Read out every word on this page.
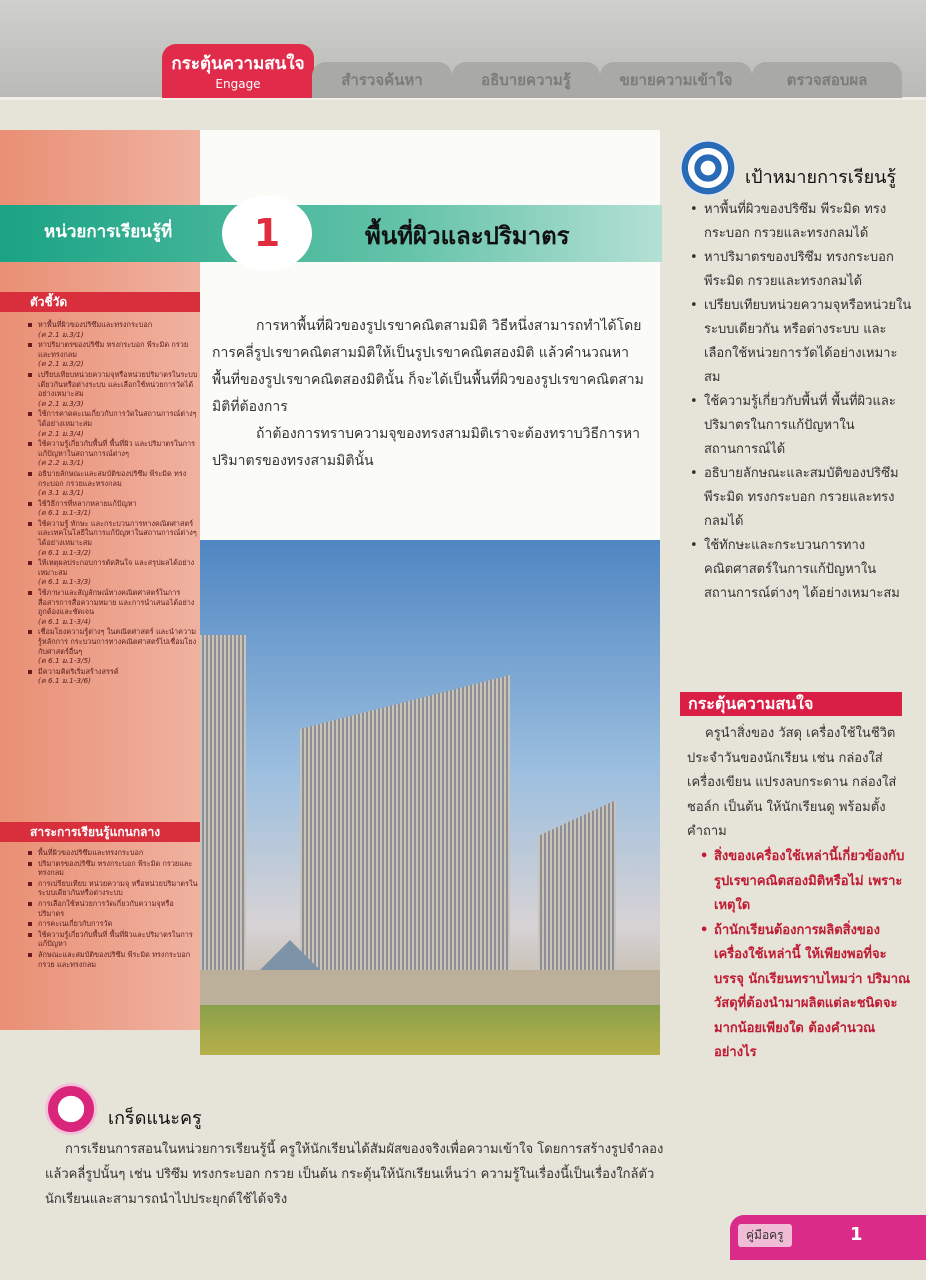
กระตุ้นความสนใจ
Engage	สำรวจค้นหา	อธิบายความรู้	ขยายความเข้าใจ	ตรวจสอบผล
หน่วยการเรียนรู้ที่	1	พื้นที่ผิวและปริมาตร
ตัวชี้วัด
หาพื้นที่ผิวของปริซึมและทรงกระบอก
(ค 2.1 ม.3/1)
หาปริมาตรของปริซึม ทรงกระบอก พีระมิด กรวย และทรงกลม
(ค 2.1 ม.3/2)
เปรียบเทียบหน่วยความจุหรือหน่วยปริมาตรในระบบเดียวกันหรือต่างระบบ และเลือกใช้หน่วยการวัดได้อย่างเหมาะสม
(ค 2.1 ม.3/3)
ใช้การคาดคะเนเกี่ยวกับการวัดในสถานการณ์ต่างๆ ได้อย่างเหมาะสม
(ค 2.1 ม.3/4)
ใช้ความรู้เกี่ยวกับพื้นที่ พื้นที่ผิว และปริมาตรในการแก้ปัญหาในสถานการณ์ต่างๆ
(ค 2.2 ม.3/1)
อธิบายลักษณะและสมบัติของปริซึม พีระมิด ทรงกระบอก กรวยและทรงกลม
(ค 3.1 ม.3/1)
ใช้วิธีการที่หลากหลายแก้ปัญหา
(ค 6.1 ม.1-3/1)
ใช้ความรู้ ทักษะ และกระบวนการทางคณิตศาสตร์และเทคโนโลยีในการแก้ปัญหาในสถานการณ์ต่างๆ ได้อย่างเหมาะสม
(ค 6.1 ม.1-3/2)
ให้เหตุผลประกอบการตัดสินใจ และสรุปผลได้อย่างเหมาะสม
(ค 6.1 ม.1-3/3)
ใช้ภาษาและสัญลักษณ์ทางคณิตศาสตร์ในการสื่อสารการสื่อความหมาย และการนำเสนอได้อย่างถูกต้องและชัดเจน
(ค 6.1 ม.1-3/4)
เชื่อมโยงความรู้ต่างๆ ในคณิตศาสตร์ และนำความรู้หลักการ กระบวนการทางคณิตศาสตร์ไปเชื่อมโยงกับศาสตร์อื่นๆ
(ค 6.1 ม.1-3/5)
มีความคิดริเริ่มสร้างสรรค์
(ค 6.1 ม.1-3/6)
สาระการเรียนรู้แกนกลาง
พื้นที่ผิวของปริซึมและทรงกระบอก
ปริมาตรของปริซึม ทรงกระบอก พีระมิด กรวยและทรงกลม
การเปรียบเทียบ หน่วยความจุ หรือหน่วยปริมาตรในระบบเดียวกันหรือต่างระบบ
การเลือกใช้หน่วยการวัดเกี่ยวกับความจุหรือปริมาตร
การคะเนเกี่ยวกับการวัด
ใช้ความรู้เกี่ยวกับพื้นที่ พื้นที่ผิวและปริมาตรในการแก้ปัญหา
ลักษณะและสมบัติของปริซึม พีระมิด ทรงกระบอก กรวย และทรงกลม

การหาพื้นที่ผิวของรูปเรขาคณิตสามมิติ วิธีหนึ่งสามารถทำได้โดยการคลี่รูปเรขาคณิตสามมิติให้เป็นรูปเรขาคณิตสองมิติ แล้วคำนวณหาพื้นที่ของรูปเรขาคณิตสองมิตินั้น ก็จะได้เป็นพื้นที่ผิวของรูปเรขาคณิตสามมิติที่ต้องการ

ถ้าต้องการทราบความจุของทรงสามมิติเราจะต้องทราบวิธีการหาปริมาตรของทรงสามมิตินั้น

เป้าหมายการเรียนรู้
• หาพื้นที่ผิวของปริซึม พีระมิด ทรงกระบอก กรวยและทรงกลมได้
• หาปริมาตรของปริซึม ทรงกระบอก พีระมิด กรวยและทรงกลมได้
• เปรียบเทียบหน่วยความจุหรือหน่วยในระบบเดียวกัน หรือต่างระบบ และเลือกใช้หน่วยการวัดได้อย่างเหมาะสม
• ใช้ความรู้เกี่ยวกับพื้นที่ พื้นที่ผิวและปริมาตรในการแก้ปัญหาในสถานการณ์ได้
• อธิบายลักษณะและสมบัติของปริซึม พีระมิด ทรงกระบอก กรวยและทรงกลมได้
• ใช้ทักษะและกระบวนการทางคณิตศาสตร์ในการแก้ปัญหาในสถานการณ์ต่างๆ ได้อย่างเหมาะสม
กระตุ้นความสนใจ
ครูนำสิ่งของ วัสดุ เครื่องใช้ในชีวิตประจำวันของนักเรียน เช่น กล่องใส่เครื่องเขียน แปรงลบกระดาน กล่องใส่ชอล์ก เป็นต้น ให้นักเรียนดู พร้อมตั้งคำถาม
• สิ่งของเครื่องใช้เหล่านี้เกี่ยวข้องกับรูปเรขาคณิตสองมิติหรือไม่ เพราะเหตุใด
• ถ้านักเรียนต้องการผลิตสิ่งของเครื่องใช้เหล่านี้ ให้เพียงพอที่จะบรรจุ นักเรียนทราบไหมว่า ปริมาณวัสดุที่ต้องนำมาผลิตแต่ละชนิดจะมากน้อยเพียงใด ต้องคำนวณอย่างไร
เกร็ดแนะครู
การเรียนการสอนในหน่วยการเรียนรู้นี้ ครูให้นักเรียนได้สัมผัสของจริงเพื่อความเข้าใจ โดยการสร้างรูปจำลองแล้วคลี่รูปนั้นๆ เช่น ปริซึม ทรงกระบอก กรวย เป็นต้น กระตุ้นให้นักเรียนเห็นว่า ความรู้ในเรื่องนี้เป็นเรื่องใกล้ตัวนักเรียนและสามารถนำไปประยุกต์ใช้ได้จริง
คู่มือครู	1
